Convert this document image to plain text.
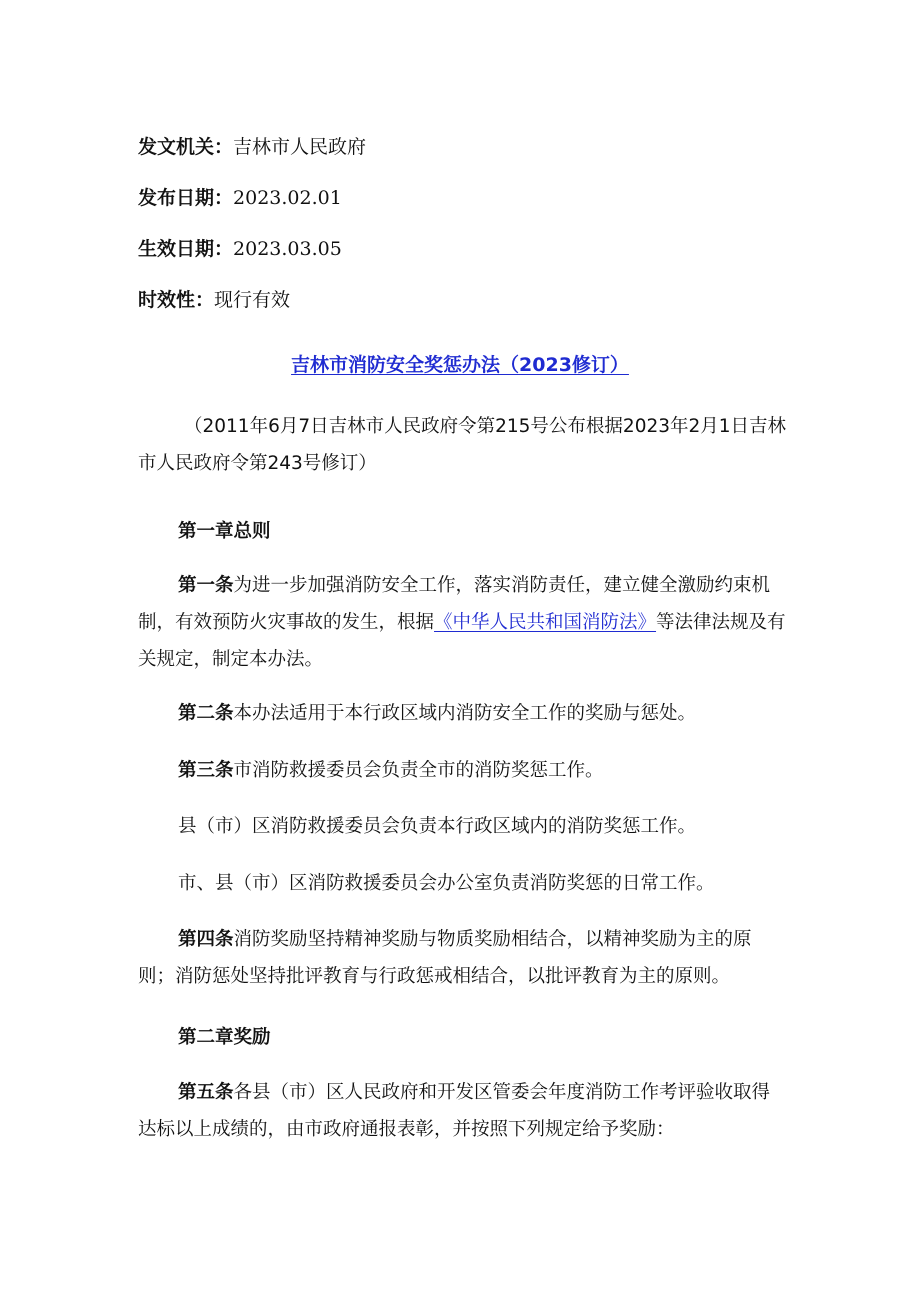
发文机关：吉林市人民政府
发布日期：2023.02.01
生效日期：2023.03.05
时效性：现行有效
吉林市消防安全奖惩办法（2023修订）
（2011年6月7日吉林市人民政府令第215号公布根据2023年2月1日吉林市人民政府令第243号修订）
第一章总则
第一条为进一步加强消防安全工作，落实消防责任，建立健全激励约束机制，有效预防火灾事故的发生，根据《中华人民共和国消防法》等法律法规及有关规定，制定本办法。
第二条本办法适用于本行政区域内消防安全工作的奖励与惩处。
第三条市消防救援委员会负责全市的消防奖惩工作。
县（市）区消防救援委员会负责本行政区域内的消防奖惩工作。
市、县（市）区消防救援委员会办公室负责消防奖惩的日常工作。
第四条消防奖励坚持精神奖励与物质奖励相结合，以精神奖励为主的原则；消防惩处坚持批评教育与行政惩戒相结合，以批评教育为主的原则。
第二章奖励
第五条各县（市）区人民政府和开发区管委会年度消防工作考评验收取得达标以上成绩的，由市政府通报表彰，并按照下列规定给予奖励：
